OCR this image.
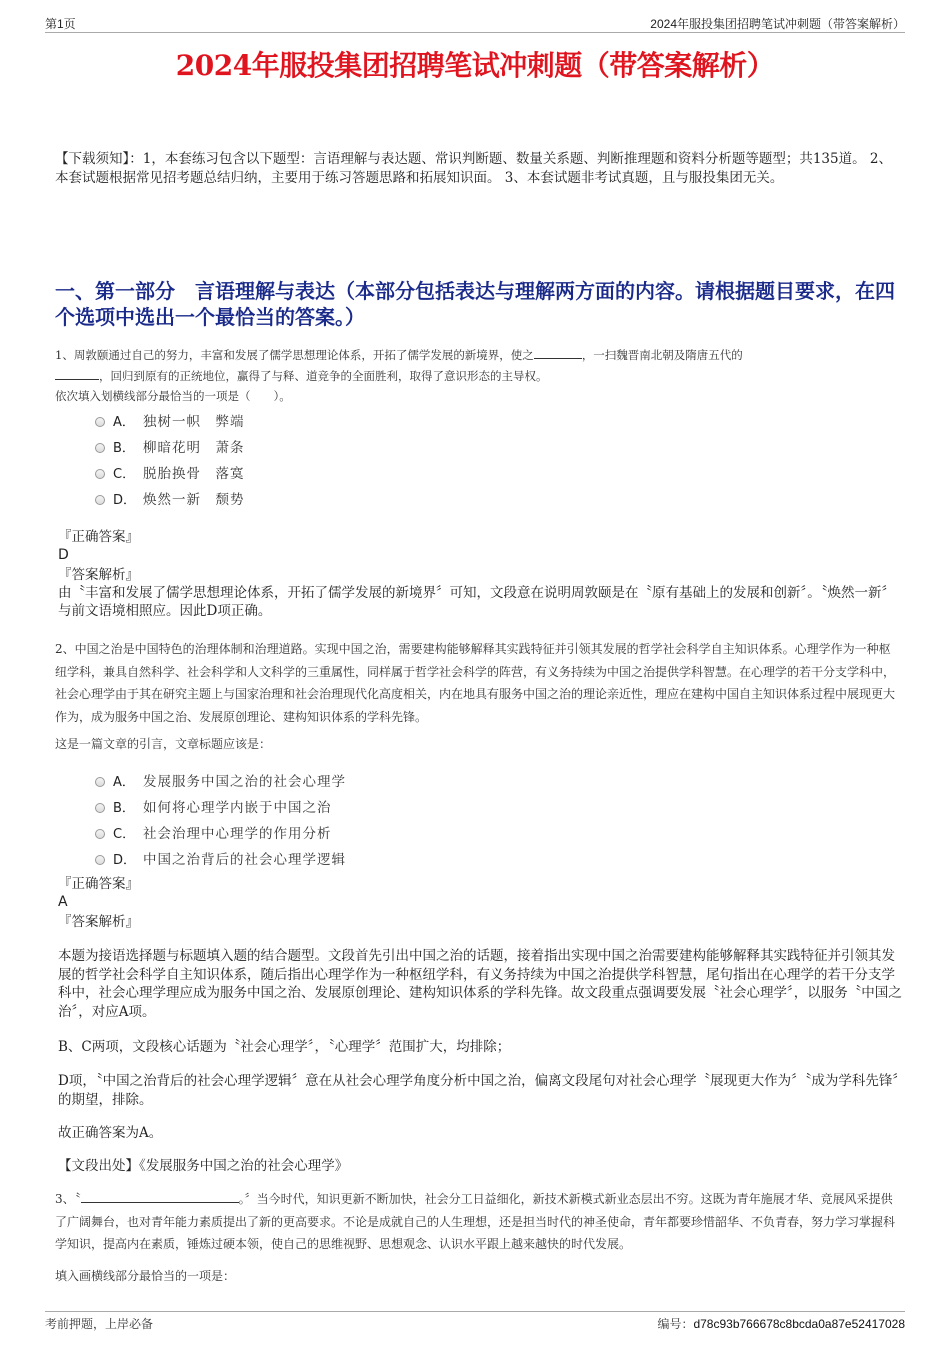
第1页	2024年服投集团招聘笔试冲刺题（带答案解析）
2024年服投集团招聘笔试冲刺题（带答案解析）

【下载须知】：1，本套练习包含以下题型：言语理解与表达题、常识判断题、数量关系题、判断推理题和资料分析题等题型；共135道。 2、本套试题根据常见招考题总结归纳，主要用于练习答题思路和拓展知识面。 3、本套试题非考试真题，且与服投集团无关。

一、第一部分　言语理解与表达（本部分包括表达与理解两方面的内容。请根据题目要求，在四个选项中选出一个最恰当的答案。）
1、周敦颐通过自己的努力，丰富和发展了儒学思想理论体系，开拓了儒学发展的新境界，使之	，一扫魏晋南北朝及隋唐五代的
，回归到原有的正统地位，赢得了与释、道竞争的全面胜利，取得了意识形态的主导权。
依次填入划横线部分最恰当的一项是（　　）。
A． 独树一帜　弊端
B． 柳暗花明　萧条
C． 脱胎换骨　落寞
D． 焕然一新　颓势
『正确答案』
D
『答案解析』
由〝丰富和发展了儒学思想理论体系，开拓了儒学发展的新境界〞可知，文段意在说明周敦颐是在〝原有基础上的发展和创新〞。〝焕然一新〞与前文语境相照应。因此D项正确。
2、中国之治是中国特色的治理体制和治理道路。实现中国之治，需要建构能够解释其实践特征并引领其发展的哲学社会科学自主知识体系。心理学作为一种枢纽学科，兼具自然科学、社会科学和人文科学的三重属性，同样属于哲学社会科学的阵营，有义务持续为中国之治提供学科智慧。在心理学的若干分支学科中，社会心理学由于其在研究主题上与国家治理和社会治理现代化高度相关，内在地具有服务中国之治的理论亲近性，理应在建构中国自主知识体系过程中展现更大作为，成为服务中国之治、发展原创理论、建构知识体系的学科先锋。
这是一篇文章的引言，文章标题应该是：
A． 发展服务中国之治的社会心理学
B． 如何将心理学内嵌于中国之治
C． 社会治理中心理学的作用分析
D． 中国之治背后的社会心理学逻辑
『正确答案』
A
『答案解析』
本题为接语选择题与标题填入题的结合题型。文段首先引出中国之治的话题，接着指出实现中国之治需要建构能够解释其实践特征并引领其发展的哲学社会科学自主知识体系，随后指出心理学作为一种枢纽学科，有义务持续为中国之治提供学科智慧，尾句指出在心理学的若干分支学科中，社会心理学理应成为服务中国之治、发展原创理论、建构知识体系的学科先锋。故文段重点强调要发展〝社会心理学〞，以服务〝中国之治〞，对应A项。
B、C两项，文段核心话题为〝社会心理学〞，〝心理学〞范围扩大，均排除；
D项，〝中国之治背后的社会心理学逻辑〞意在从社会心理学角度分析中国之治，偏离文段尾句对社会心理学〝展现更大作为〞〝成为学科先锋〞的期望，排除。
故正确答案为A。
【文段出处】《发展服务中国之治的社会心理学》
3、〝	。〞当今时代，知识更新不断加快，社会分工日益细化，新技术新模式新业态层出不穷。这既为青年施展才华、竞展风采提供了广阔舞台，也对青年能力素质提出了新的更高要求。不论是成就自己的人生理想，还是担当时代的神圣使命，青年都要珍惜韶华、不负青春，努力学习掌握科学知识，提高内在素质，锤炼过硬本领，使自己的思维视野、思想观念、认识水平跟上越来越快的时代发展。
填入画横线部分最恰当的一项是：
考前押题，上岸必备	编号：d78c93b766678c8bcda0a87e52417028
